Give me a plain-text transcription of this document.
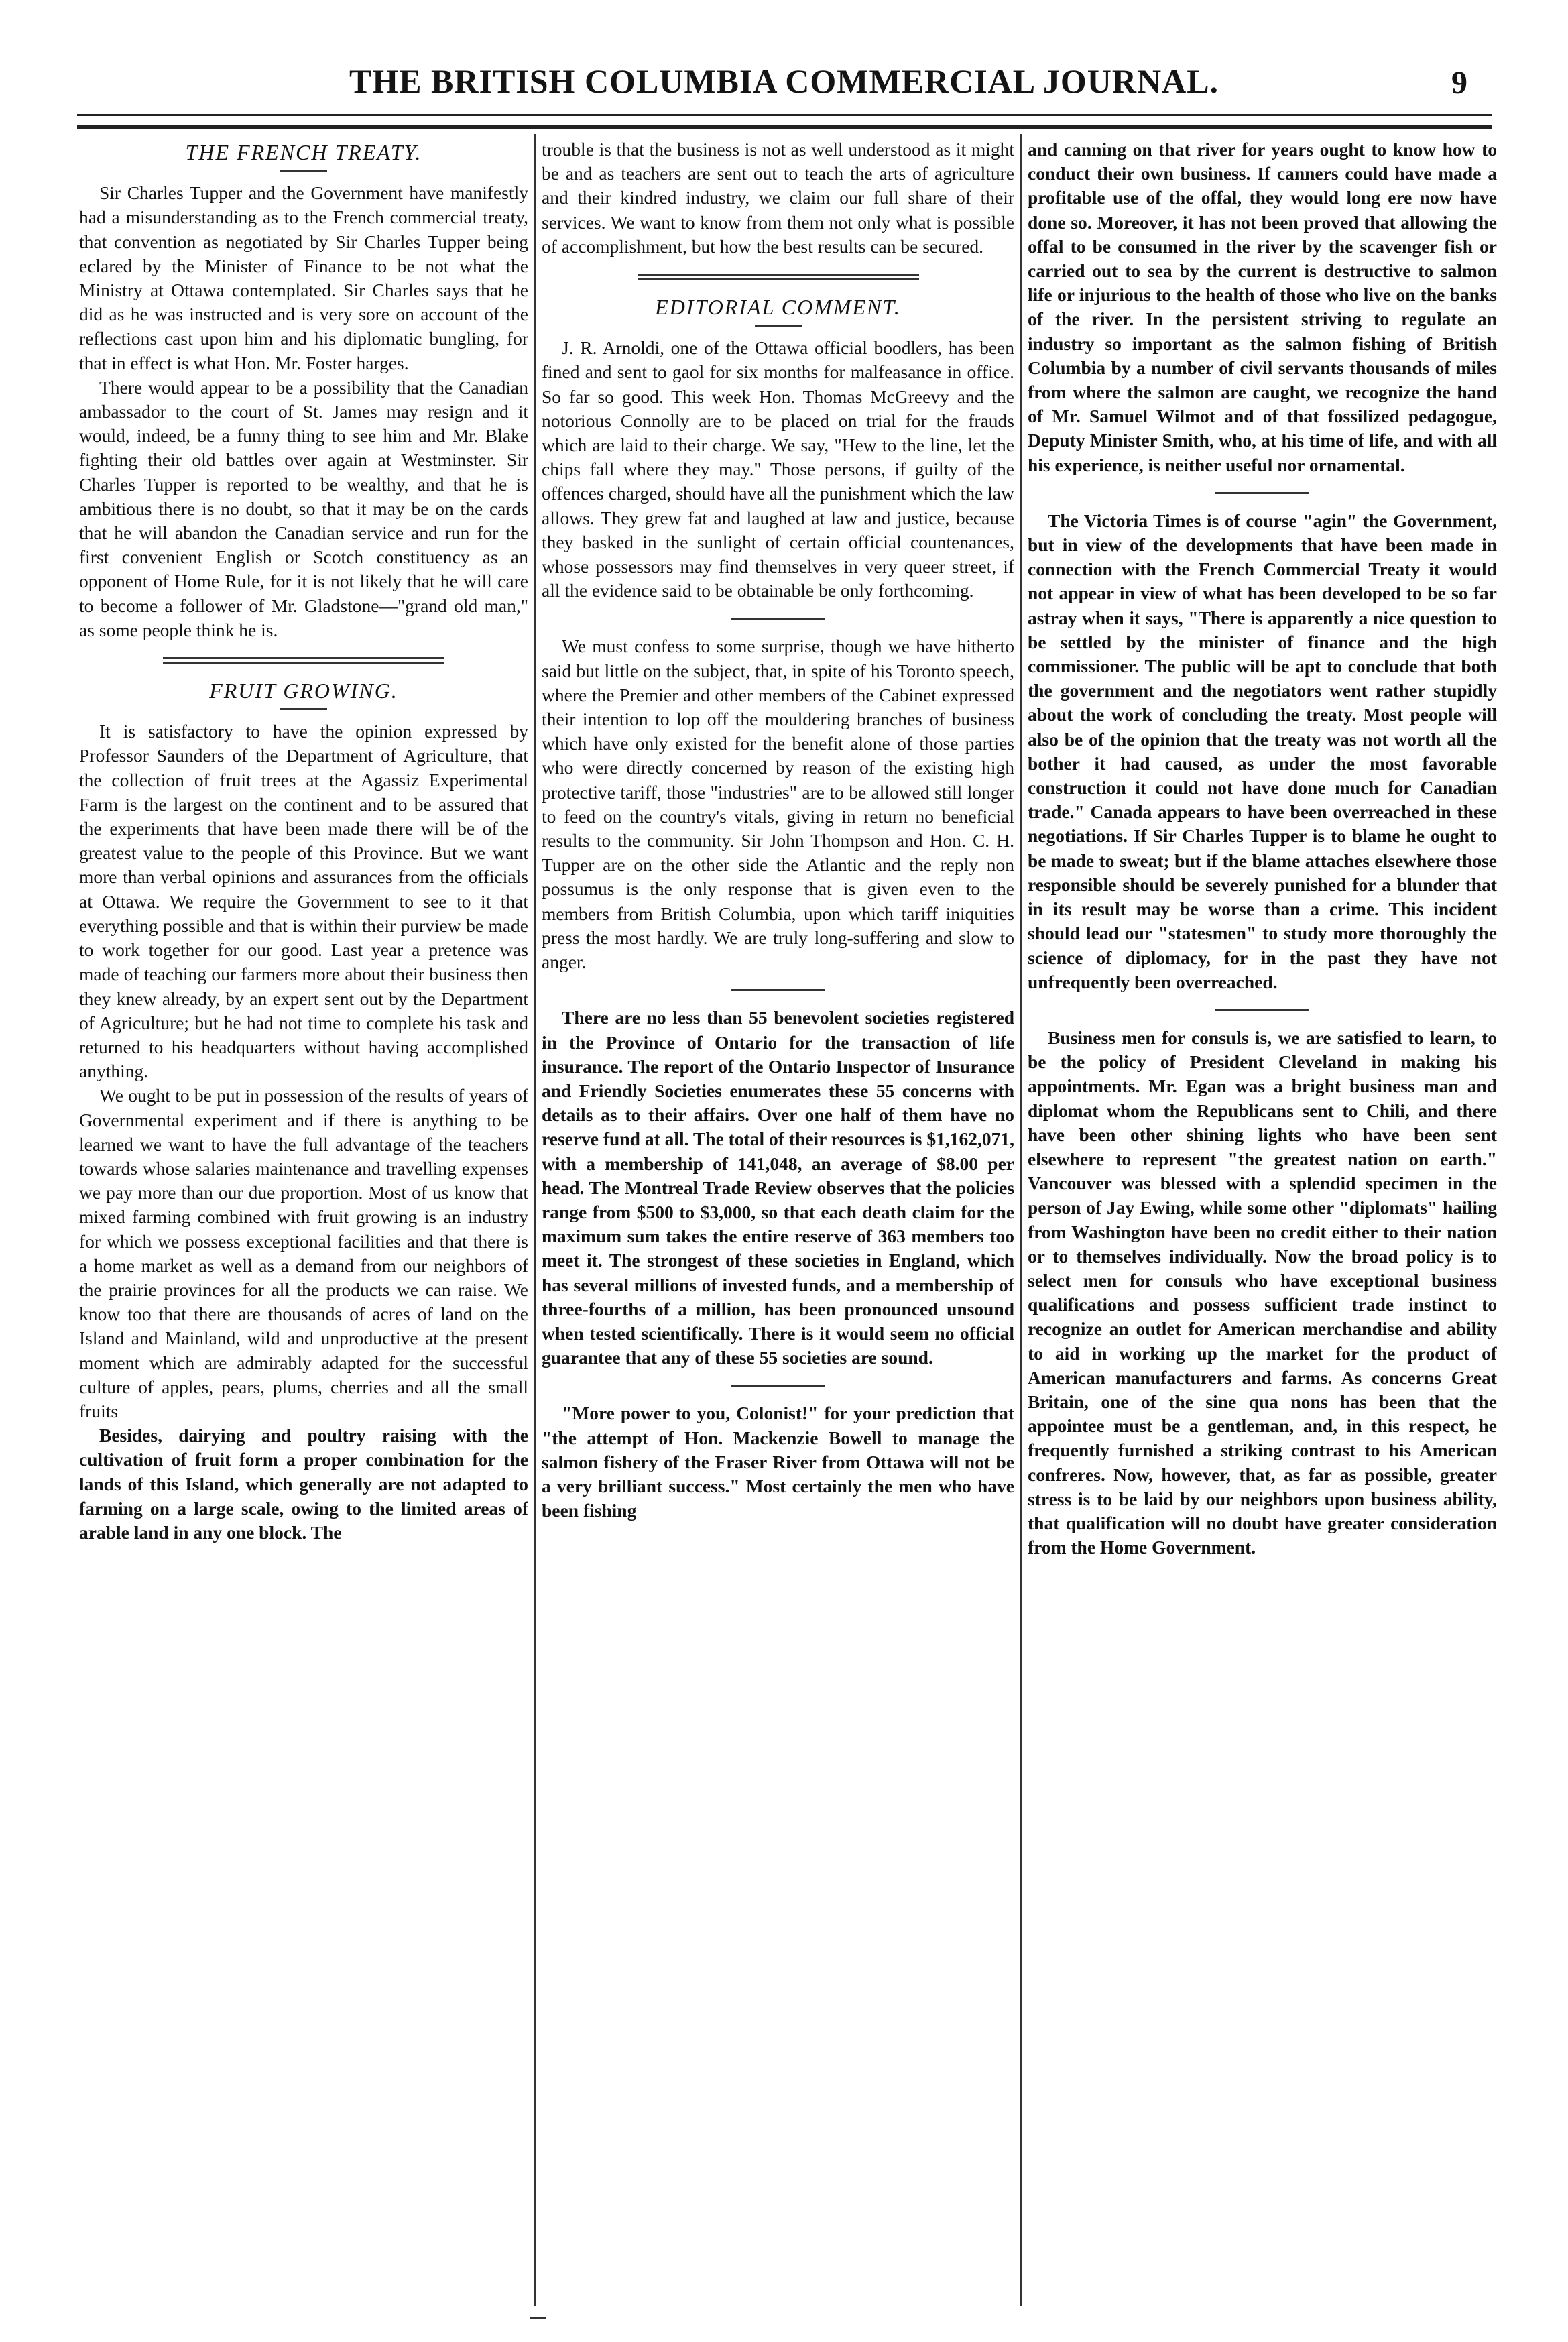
THE BRITISH COLUMBIA COMMERCIAL JOURNAL.	9
THE FRENCH TREATY.

Sir Charles Tupper and the Government have manifestly had a misunderstanding as to the French commercial treaty, that convention as negotiated by Sir Charles Tupper being eclared by the Minister of Finance to be not what the Ministry at Ottawa contemplated. Sir Charles says that he did as he was instructed and is very sore on account of the reflections cast upon him and his diplomatic bungling, for that in effect is what Hon. Mr. Foster harges.

There would appear to be a possibility that the Canadian ambassador to the court of St. James may resign and it would, indeed, be a funny thing to see him and Mr. Blake fighting their old battles over again at Westminster. Sir Charles Tupper is reported to be wealthy, and that he is ambitious there is no doubt, so that it may be on the cards that he will abandon the Canadian service and run for the first convenient English or Scotch constituency as an opponent of Home Rule, for it is not likely that he will care to become a follower of Mr. Gladstone—"grand old man," as some people think he is.

FRUIT GROWING.

It is satisfactory to have the opinion expressed by Professor Saunders of the Department of Agriculture, that the collection of fruit trees at the Agassiz Experimental Farm is the largest on the continent and to be assured that the experiments that have been made there will be of the greatest value to the people of this Province. But we want more than verbal opinions and assurances from the officials at Ottawa. We require the Government to see to it that everything possible and that is within their purview be made to work together for our good. Last year a pretence was made of teaching our farmers more about their business then they knew already, by an expert sent out by the Department of Agriculture; but he had not time to complete his task and returned to his headquarters without having accomplished anything.

We ought to be put in possession of the results of years of Governmental experiment and if there is anything to be learned we want to have the full advantage of the teachers towards whose salaries maintenance and travelling expenses we pay more than our due proportion. Most of us know that mixed farming combined with fruit growing is an industry for which we possess exceptional facilities and that there is a home market as well as a demand from our neighbors of the prairie provinces for all the products we can raise. We know too that there are thousands of acres of land on the Island and Mainland, wild and unproductive at the present moment which are admirably adapted for the successful culture of apples, pears, plums, cherries and all the small fruits

Besides, dairying and poultry raising with the cultivation of fruit form a proper combination for the lands of this Island, which generally are not adapted to farming on a large scale, owing to the limited areas of arable land in any one block. The

trouble is that the business is not as well understood as it might be and as teachers are sent out to teach the arts of agriculture and their kindred industry, we claim our full share of their services. We want to know from them not only what is possible of accomplishment, but how the best results can be secured.

EDITORIAL COMMENT.

J. R. Arnoldi, one of the Ottawa official boodlers, has been fined and sent to gaol for six months for malfeasance in office. So far so good. This week Hon. Thomas McGreevy and the notorious Connolly are to be placed on trial for the frauds which are laid to their charge. We say, "Hew to the line, let the chips fall where they may." Those persons, if guilty of the offences charged, should have all the punishment which the law allows. They grew fat and laughed at law and justice, because they basked in the sunlight of certain official countenances, whose possessors may find themselves in very queer street, if all the evidence said to be obtainable be only forthcoming.

We must confess to some surprise, though we have hitherto said but little on the subject, that, in spite of his Toronto speech, where the Premier and other members of the Cabinet expressed their intention to lop off the mouldering branches of business which have only existed for the benefit alone of those parties who were directly concerned by reason of the existing high protective tariff, those "industries" are to be allowed still longer to feed on the country's vitals, giving in return no beneficial results to the community. Sir John Thompson and Hon. C. H. Tupper are on the other side the Atlantic and the reply non possumus is the only response that is given even to the members from British Columbia, upon which tariff iniquities press the most hardly. We are truly long-suffering and slow to anger.

There are no less than 55 benevolent societies registered in the Province of Ontario for the transaction of life insurance. The report of the Ontario Inspector of Insurance and Friendly Societies enumerates these 55 concerns with details as to their affairs. Over one half of them have no reserve fund at all. The total of their resources is $1,162,071, with a membership of 141,048, an average of $8.00 per head. The Montreal Trade Review observes that the policies range from $500 to $3,000, so that each death claim for the maximum sum takes the entire reserve of 363 members too meet it. The strongest of these societies in England, which has several millions of invested funds, and a membership of three-fourths of a million, has been pronounced unsound when tested scientifically. There is it would seem no official guarantee that any of these 55 societies are sound.

"More power to you, Colonist!" for your prediction that "the attempt of Hon. Mackenzie Bowell to manage the salmon fishery of the Fraser River from Ottawa will not be a very brilliant success." Most certainly the men who have been fishing

and canning on that river for years ought to know how to conduct their own business. If canners could have made a profitable use of the offal, they would long ere now have done so. Moreover, it has not been proved that allowing the offal to be consumed in the river by the scavenger fish or carried out to sea by the current is destructive to salmon life or injurious to the health of those who live on the banks of the river. In the persistent striving to regulate an industry so important as the salmon fishing of British Columbia by a number of civil servants thousands of miles from where the salmon are caught, we recognize the hand of Mr. Samuel Wilmot and of that fossilized pedagogue, Deputy Minister Smith, who, at his time of life, and with all his experience, is neither useful nor ornamental.

The Victoria Times is of course "agin" the Government, but in view of the developments that have been made in connection with the French Commercial Treaty it would not appear in view of what has been developed to be so far astray when it says, "There is apparently a nice question to be settled by the minister of finance and the high commissioner. The public will be apt to conclude that both the government and the negotiators went rather stupidly about the work of concluding the treaty. Most people will also be of the opinion that the treaty was not worth all the bother it had caused, as under the most favorable construction it could not have done much for Canadian trade." Canada appears to have been overreached in these negotiations. If Sir Charles Tupper is to blame he ought to be made to sweat; but if the blame attaches elsewhere those responsible should be severely punished for a blunder that in its result may be worse than a crime. This incident should lead our "statesmen" to study more thoroughly the science of diplomacy, for in the past they have not unfrequently been overreached.

Business men for consuls is, we are satisfied to learn, to be the policy of President Cleveland in making his appointments. Mr. Egan was a bright business man and diplomat whom the Republicans sent to Chili, and there have been other shining lights who have been sent elsewhere to represent "the greatest nation on earth." Vancouver was blessed with a splendid specimen in the person of Jay Ewing, while some other "diplomats" hailing from Washington have been no credit either to their nation or to themselves individually. Now the broad policy is to select men for consuls who have exceptional business qualifications and possess sufficient trade instinct to recognize an outlet for American merchandise and ability to aid in working up the market for the product of American manufacturers and farms. As concerns Great Britain, one of the sine qua nons has been that the appointee must be a gentleman, and, in this respect, he frequently furnished a striking contrast to his American confreres. Now, however, that, as far as possible, greater stress is to be laid by our neighbors upon business ability, that qualification will no doubt have greater consideration from the Home Government.
